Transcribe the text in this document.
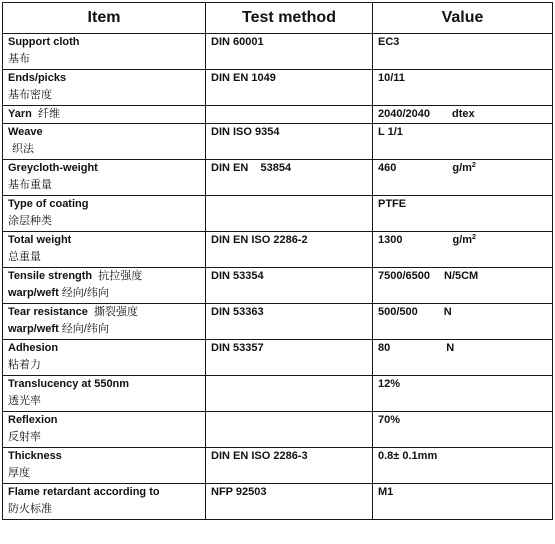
Item	Test method	Value

Support cloth
基布	DIN 60001	EC3

Ends/picks
基布密度	DIN EN 1049	10/11
Yarn 纤维		2040/2040 dtex

Weave
织法	DIN ISO 9354	L 1/1

Greycloth-weight
基布重量	DIN EN    53854	460 $g/m^2$

Type of coating
涂层种类		PTFE

Total weight
总重量	DIN EN ISO 2286-2	1300 $g/m^2$

Tensile strength 抗拉强度
warp/weft 经向/纬向	DIN 53354	7500/6500 N/5CM

Tear resistance 撕裂强度
warp/weft 经向/纬向	DIN 53363	500/500 N

Adhesion
粘着力	DIN 53357	80 N

Translucency at 550nm
透光率		12%

Reflexion
反射率		70%

Thickness
厚度	DIN EN ISO 2286-3	0.8± 0.1mm

Flame retardant according to
防火标准	NFP 92503	M1
